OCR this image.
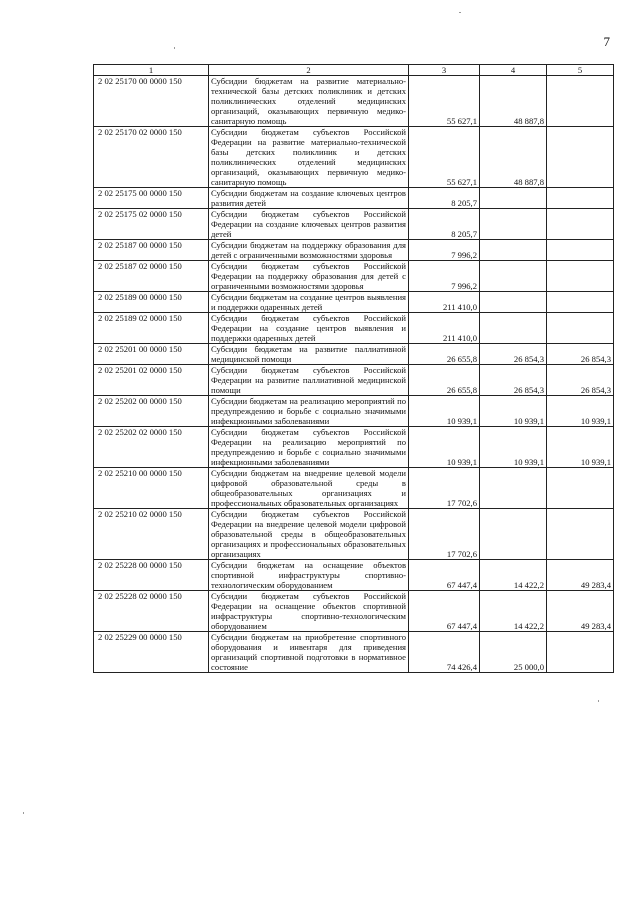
7
1	2	3	4	5
2 02 25170 00 0000 150	Субсидии бюджетам на развитие материально-технической базы детских поликлиник и детских поликлинических отделений медицинских организаций, оказывающих первичную медико-санитарную помощь	55 627,1	48 887,8	
2 02 25170 02 0000 150	Субсидии бюджетам субъектов Российской Федерации на развитие материально-технической базы детских поликлиник и детских поликлинических отделений медицинских организаций, оказывающих первичную медико-санитарную помощь	55 627,1	48 887,8	
2 02 25175 00 0000 150	Субсидии бюджетам на создание ключевых центров развития детей	8 205,7		
2 02 25175 02 0000 150	Субсидии бюджетам субъектов Российской Федерации на создание ключевых центров развития детей	8 205,7		
2 02 25187 00 0000 150	Субсидии бюджетам на поддержку образования для детей с ограниченными возможностями здоровья	7 996,2		
2 02 25187 02 0000 150	Субсидии бюджетам субъектов Российской Федерации на поддержку образования для детей с ограниченными возможностями здоровья	7 996,2		
2 02 25189 00 0000 150	Субсидии бюджетам на создание центров выявления и поддержки одаренных детей	211 410,0		
2 02 25189 02 0000 150	Субсидии бюджетам субъектов Российской Федерации на создание центров выявления и поддержки одаренных детей	211 410,0		
2 02 25201 00 0000 150	Субсидии бюджетам на развитие паллиативной медицинской помощи	26 655,8	26 854,3	26 854,3
2 02 25201 02 0000 150	Субсидии бюджетам субъектов Российской Федерации на развитие паллиативной медицинской помощи	26 655,8	26 854,3	26 854,3
2 02 25202 00 0000 150	Субсидии бюджетам на реализацию мероприятий по предупреждению и борьбе с социально значимыми инфекционными заболеваниями	10 939,1	10 939,1	10 939,1
2 02 25202 02 0000 150	Субсидии бюджетам субъектов Российской Федерации на реализацию мероприятий по предупреждению и борьбе с социально значимыми инфекционными заболеваниями	10 939,1	10 939,1	10 939,1
2 02 25210 00 0000 150	Субсидии бюджетам на внедрение целевой модели цифровой образовательной среды в общеобразовательных организациях и профессиональных образовательных организациях	17 702,6		
2 02 25210 02 0000 150	Субсидии бюджетам субъектов Российской Федерации на внедрение целевой модели цифровой образовательной среды в общеобразовательных организациях и профессиональных образовательных организациях	17 702,6		
2 02 25228 00 0000 150	Субсидии бюджетам на оснащение объектов спортивной инфраструктуры спортивно-технологическим оборудованием	67 447,4	14 422,2	49 283,4
2 02 25228 02 0000 150	Субсидии бюджетам субъектов Российской Федерации на оснащение объектов спортивной инфраструктуры спортивно-технологическим оборудованием	67 447,4	14 422,2	49 283,4
2 02 25229 00 0000 150	Субсидии бюджетам на приобретение спортивного оборудования и инвентаря для приведения организаций спортивной подготовки в нормативное состояние	74 426,4	25 000,0	
